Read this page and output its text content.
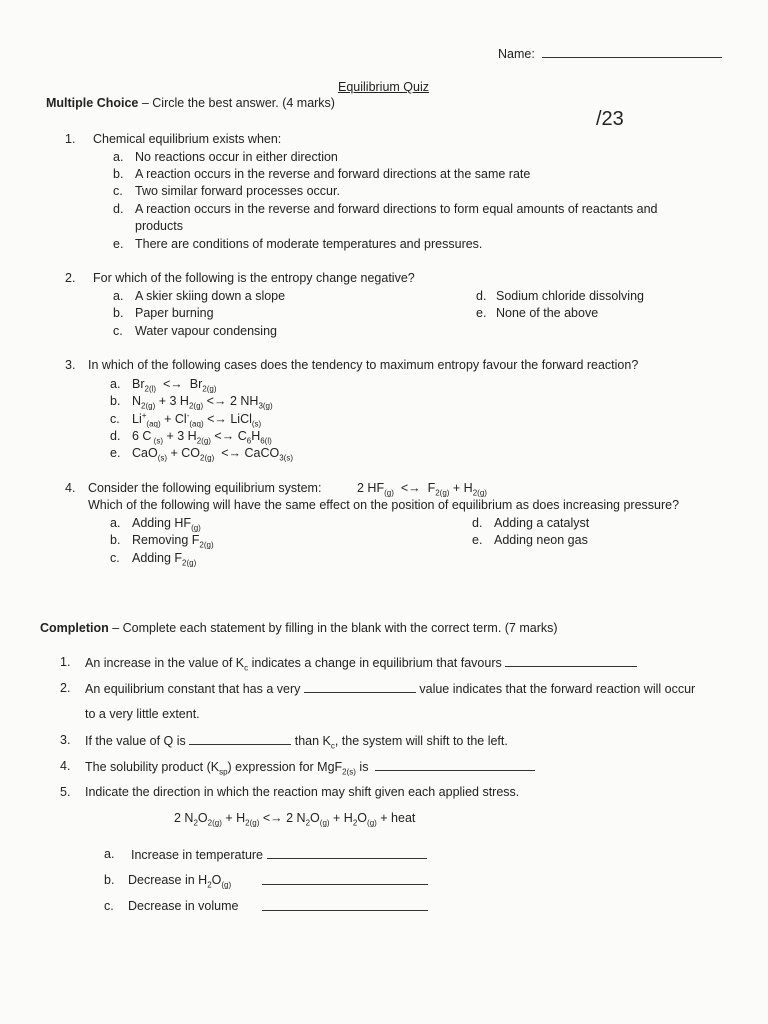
Name:
Equilibrium Quiz
/23
Multiple Choice – Circle the best answer. (4 marks)
1. Chemical equilibrium exists when:
a. No reactions occur in either direction
b. A reaction occurs in the reverse and forward directions at the same rate
c. Two similar forward processes occur.
d. A reaction occurs in the reverse and forward directions to form equal amounts of reactants and
products
e. There are conditions of moderate temperatures and pressures.
2. For which of the following is the entropy change negative?
a. A skier skiing down a slope
b. Paper burning
c. Water vapour condensing
d. Sodium chloride dissolving
e. None of the above
3. In which of the following cases does the tendency to maximum entropy favour the forward reaction?
a. $Br_{2(l)} <\to Br_{2(g)}$
b. $N_{2(g)} + 3$ $H_{2(g)} <\to 2$ $NH_{3(g)}$
c. $Li^+_{(aq)} + Cl^-_{(aq)}$ <→ LiCl$_{(s)}$
d. 6 C $_{(s)}$ + 3 $H_{2(g)} <\to C_6H_{6(l)}$
e. $CaO_{(s)} + CO_{2(g)}$  <→ CaCO$_{3(s)}$
4. Consider the following equilibrium system:	2 $HF_{(g)} <\to F_{2(g)} + H_{2(g)}$
Which of the following will have the same effect on the position of equilibrium as does increasing pressure?
a. Adding $HF_{(g)}$
b. Removing $F_{2(g)}$
c. Adding $F_{2(g)}$
d. Adding a catalyst
e. Adding neon gas
Completion – Complete each statement by filling in the blank with the correct term. (7 marks)
1. An increase in the value of $K_c$ indicates a change in equilibrium that favours
2. An equilibrium constant that has a very	value indicates that the forward reaction will occur
to a very little extent.
3. If the value of Q is	than $K_c$, the system will shift to the left.
4. The solubility product $(K_{sp})$ expression for MgF$_{2(s)}$ is
5. Indicate the direction in which the reaction may shift given each applied stress.
2 $N_2O_{2(g)} + H_{2(g)} <\to 2$ $N_2O_{(g)} + H_2O_{(g)}$ + heat
a. Increase in temperature
b. Decrease in $H_2O_{(g)}$
c. Decrease in volume
